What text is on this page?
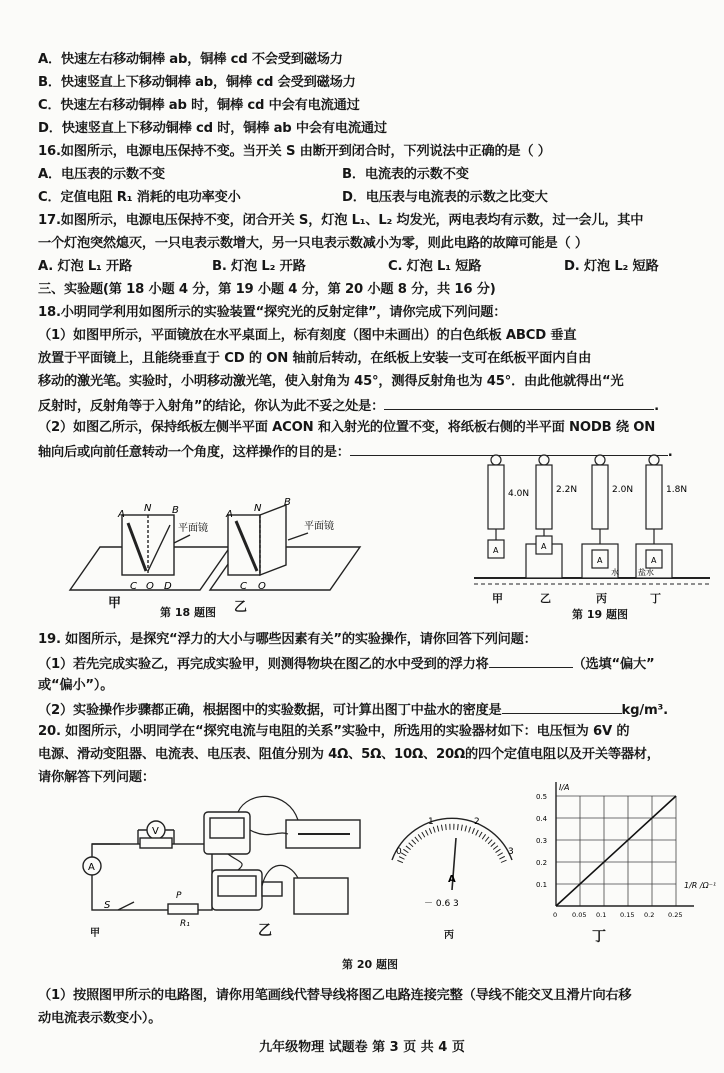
A．快速左右移动铜棒 ab，铜棒 cd 不会受到磁场力
B．快速竖直上下移动铜棒 ab，铜棒 cd 会受到磁场力
C．快速左右移动铜棒 ab 时，铜棒 cd 中会有电流通过
D．快速竖直上下移动铜棒 cd 时，铜棒 ab 中会有电流通过
16.如图所示，电源电压保持不变。当开关 S 由断开到闭合时，下列说法中正确的是（ ）
A．电压表的示数不变	B．电流表的示数不变
C．定值电阻 R₁ 消耗的电功率变小	D．电压表与电流表的示数之比变大
17.如图所示，电源电压保持不变，闭合开关 S，灯泡 L₁、L₂ 均发光，两电表均有示数，过一会儿，其中
一个灯泡突然熄灭，一只电表示数增大，另一只电表示数减小为零，则此电路的故障可能是（ ）
A. 灯泡 L₁ 开路	B. 灯泡 L₂ 开路	C. 灯泡 L₁ 短路	D. 灯泡 L₂ 短路
三、实验题(第 18 小题 4 分，第 19 小题 4 分，第 20 小题 8 分，共 16 分)
18.小明同学利用如图所示的实验装置“探究光的反射定律”，请你完成下列问题：
（1）如图甲所示，平面镜放在水平桌面上，标有刻度（图中未画出）的白色纸板 ABCD 垂直
放置于平面镜上，且能绕垂直于 CD 的 ON 轴前后转动，在纸板上安装一支可在纸板平面内自由
移动的激光笔。实验时，小明移动激光笔，使入射角为 45°，测得反射角也为 45°．由此他就得出“光
反射时，反射角等于入射角”的结论，你认为此不妥之处是：	.
（2）如图乙所示，保持纸板左侧半平面 ACON 和入射光的位置不变，将纸板右侧的半平面 NODB 绕 ON
轴向后或向前任意转动一个角度，这样操作的目的是：	.
A
N B
C O D
平面镜
A
N
B
C O
平面镜
甲	乙
第 18 题图
4.0N	2.2N	2.0N	1.8N
A	A
A	A
水 盐水
甲	乙	丙	丁
第 19 题图
19. 如图所示，是探究“浮力的大小与哪些因素有关”的实验操作，请你回答下列问题：
（1）若先完成实验乙，再完成实验甲，则测得物块在图乙的水中受到的浮力将	（选填“偏大”
或“偏小”）。
（2）实验操作步骤都正确，根据图中的实验数据，可计算出图丁中盐水的密度是	kg/m³.
20. 如图所示，小明同学在“探究电流与电阻的关系”实验中，所选用的实验器材如下：电压恒为 6V 的
电源、滑动变阻器、电流表、电压表、阻值分别为 4Ω、5Ω、10Ω、20Ω的四个定值电阻以及开关等器材，
请你解答下列问题：
A
V
S
P
R₁
0
1	2
3
A
－ 0.6 3
0.1
0.2
0.3
0.4
0.5
0 0.05 0.1 0.15 0.2 0.25
I/A
1/R /Ω⁻¹
甲	乙	丙	丁
第 20 题图
（1）按照图甲所示的电路图，请你用笔画线代替导线将图乙电路连接完整（导线不能交叉且滑片向右移
动电流表示数变小）。
九年级物理 试题卷 第 3 页 共 4 页
